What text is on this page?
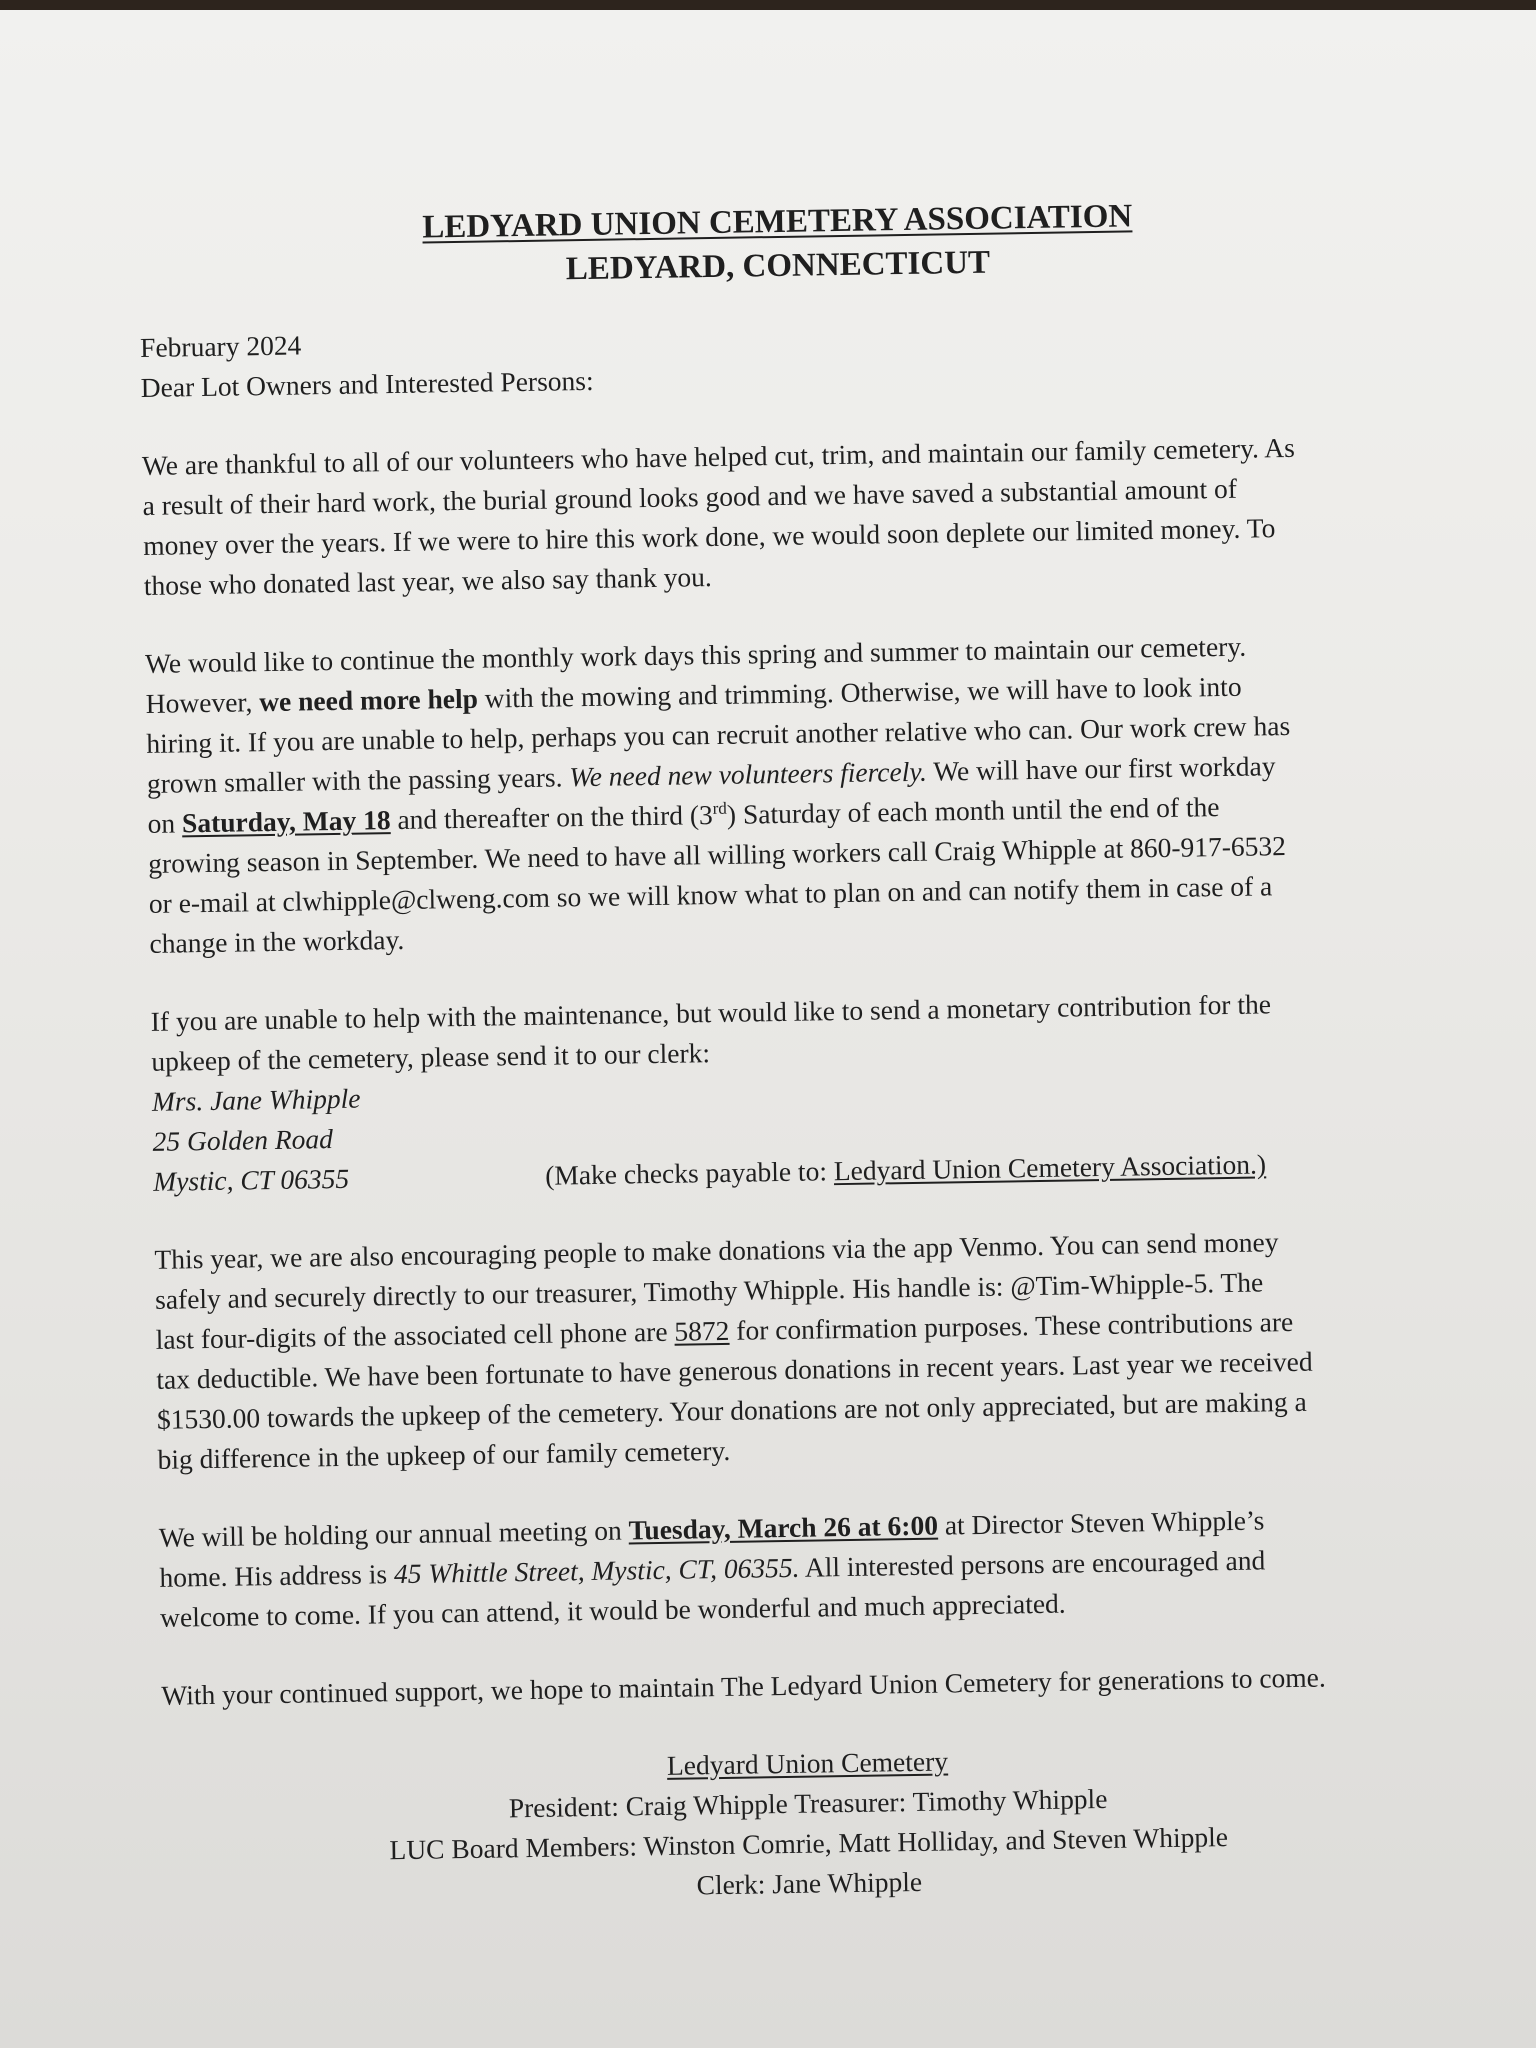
LEDYARD UNION CEMETERY ASSOCIATION

LEDYARD, CONNECTICUT

February 2024

Dear Lot Owners and Interested Persons:

We are thankful to all of our volunteers who have helped cut, trim, and maintain our family cemetery. As

a result of their hard work, the burial ground looks good and we have saved a substantial amount of

money over the years. If we were to hire this work done, we would soon deplete our limited money. To

those who donated last year, we also say thank you.

We would like to continue the monthly work days this spring and summer to maintain our cemetery.

However, we need more help with the mowing and trimming. Otherwise, we will have to look into

hiring it. If you are unable to help, perhaps you can recruit another relative who can. Our work crew has

grown smaller with the passing years. We need new volunteers fiercely. We will have our first workday

on Saturday, May 18 and thereafter on the third (3rd) Saturday of each month until the end of the

growing season in September. We need to have all willing workers call Craig Whipple at 860-917-6532

or e-mail at clwhipple@clweng.com so we will know what to plan on and can notify them in case of a

change in the workday.

If you are unable to help with the maintenance, but would like to send a monetary contribution for the

upkeep of the cemetery, please send it to our clerk:

Mrs. Jane Whipple

25 Golden Road

Mystic, CT 06355	(Make checks payable to: Ledyard Union Cemetery Association.)

This year, we are also encouraging people to make donations via the app Venmo. You can send money

safely and securely directly to our treasurer, Timothy Whipple. His handle is: @Tim-Whipple-5. The

last four-digits of the associated cell phone are 5872 for confirmation purposes. These contributions are

tax deductible. We have been fortunate to have generous donations in recent years. Last year we received

$1530.00 towards the upkeep of the cemetery. Your donations are not only appreciated, but are making a

big difference in the upkeep of our family cemetery.

We will be holding our annual meeting on Tuesday, March 26 at 6:00 at Director Steven Whipple’s

home. His address is 45 Whittle Street, Mystic, CT, 06355. All interested persons are encouraged and

welcome to come. If you can attend, it would be wonderful and much appreciated.

With your continued support, we hope to maintain The Ledyard Union Cemetery for generations to come.

Ledyard Union Cemetery

President: Craig Whipple Treasurer: Timothy Whipple

LUC Board Members: Winston Comrie, Matt Holliday, and Steven Whipple

Clerk: Jane Whipple
